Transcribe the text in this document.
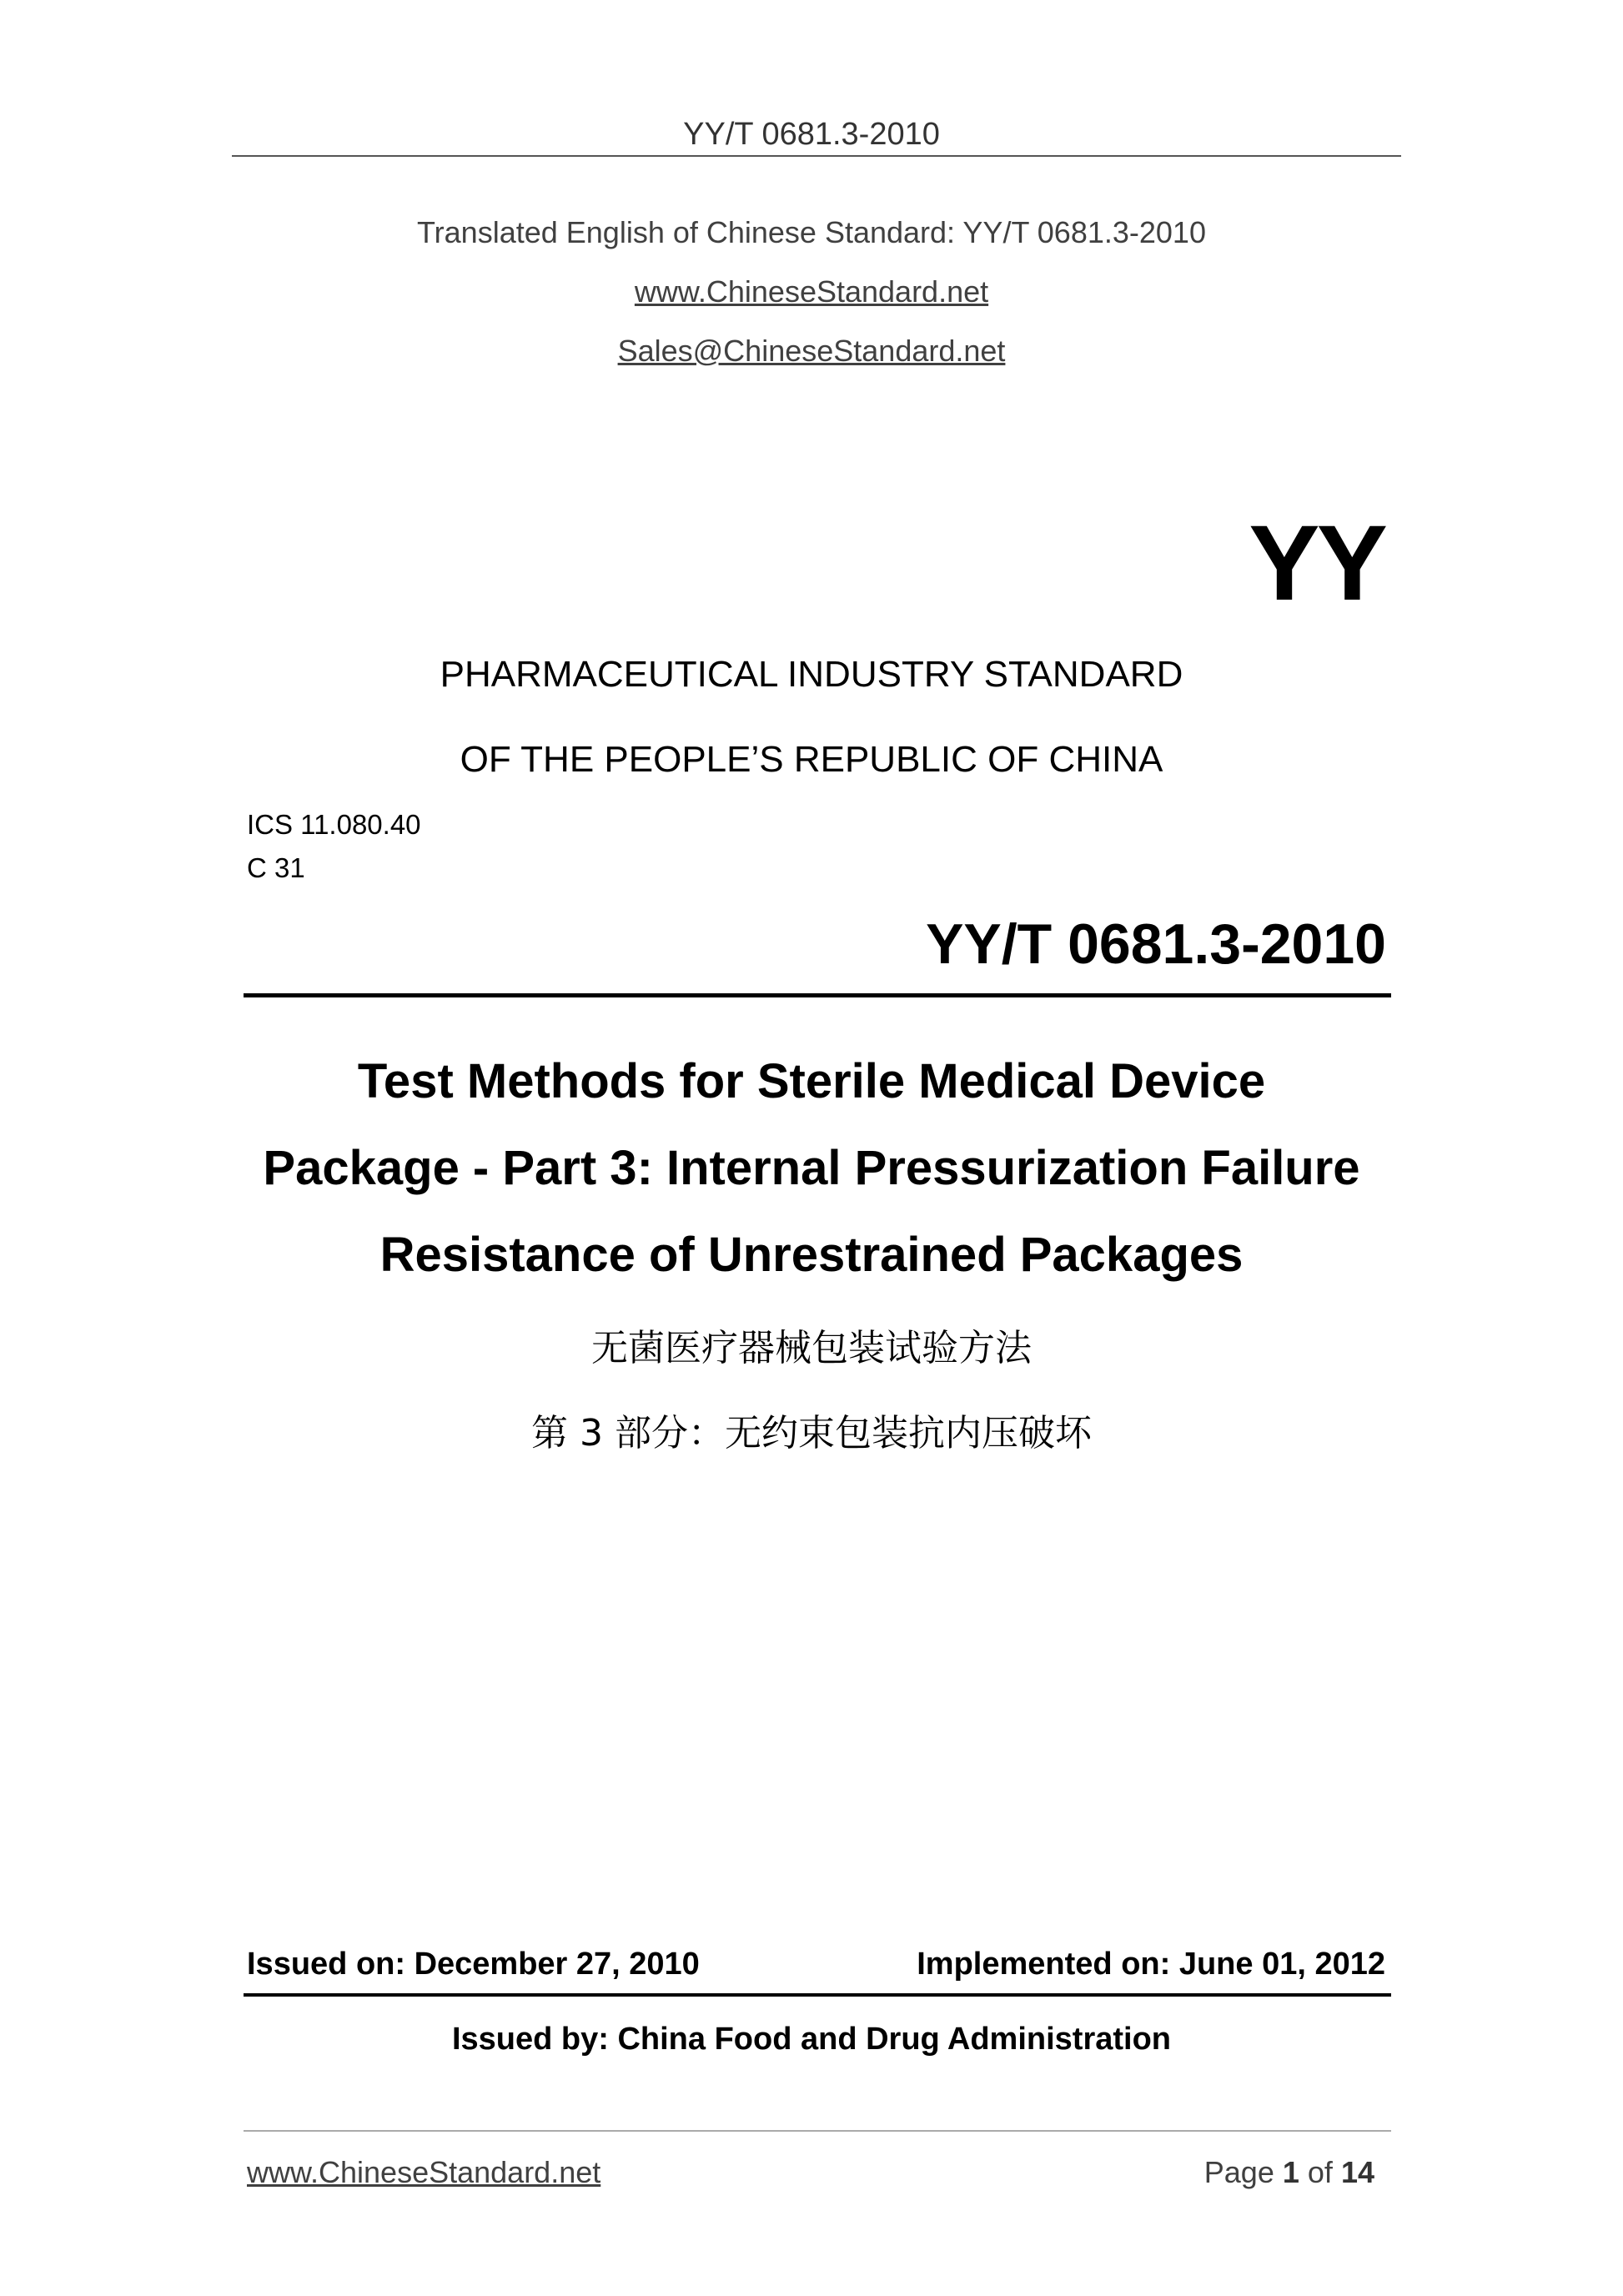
YY/T 0681.3-2010
Translated English of Chinese Standard: YY/T 0681.3-2010
www.ChineseStandard.net
Sales@ChineseStandard.net
YY
PHARMACEUTICAL INDUSTRY STANDARD
OF THE PEOPLE’S REPUBLIC OF CHINA
ICS 11.080.40
C 31
YY/T 0681.3-2010
Test Methods for Sterile Medical Device
Package - Part 3: Internal Pressurization Failure
Resistance of Unrestrained Packages
无菌医疗器械包装试验方法
第 3 部分：无约束包装抗内压破坏
Issued on: December 27, 2010	Implemented on: June 01, 2012
Issued by: China Food and Drug Administration
www.ChineseStandard.net	Page 1 of 14
